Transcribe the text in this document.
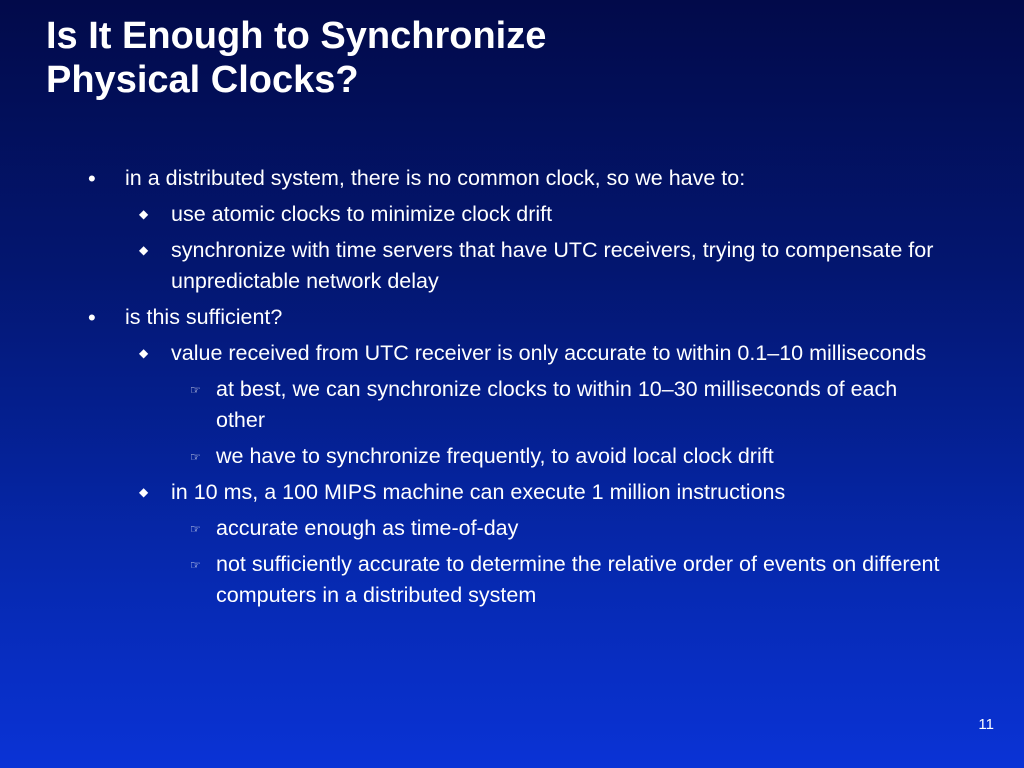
Is It Enough to Synchronize
Physical Clocks?
• in a distributed system, there is no common clock, so we have to:
◆ use atomic clocks to minimize clock drift
◆ synchronize with time servers that have UTC receivers, trying to compensate for unpredictable network delay
• is this sufficient?
◆ value received from UTC receiver is only accurate to within 0.1–10 milliseconds
☞ at best, we can synchronize clocks to within 10–30 milliseconds of each other
☞ we have to synchronize frequently, to avoid local clock drift
◆ in 10 ms, a 100 MIPS machine can execute 1 million instructions
☞ accurate enough as time-of-day
☞ not sufficiently accurate to determine the relative order of events on different computers in a distributed system
11
